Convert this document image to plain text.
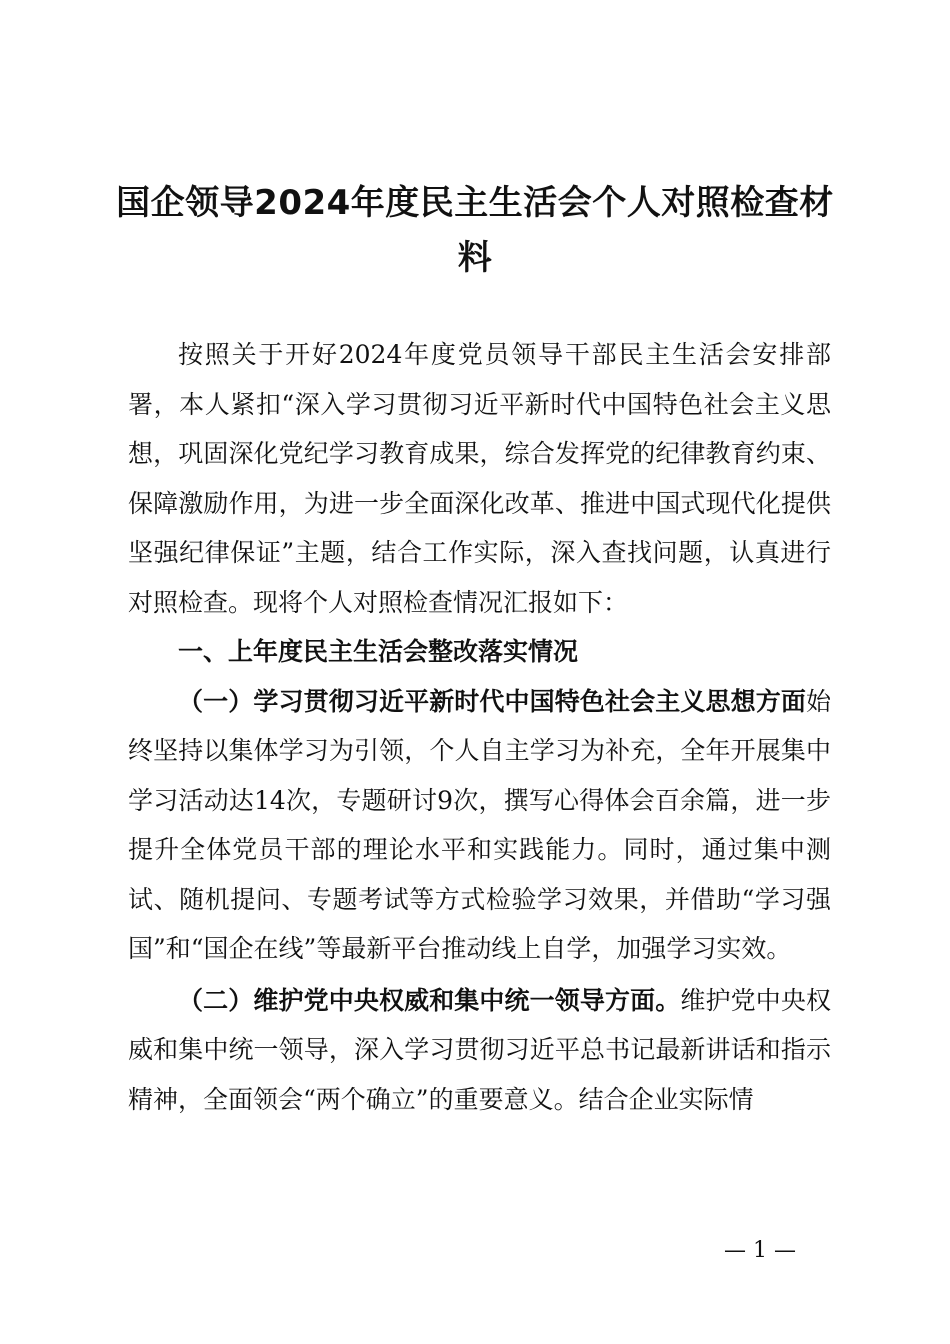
国企领导2024年度民主生活会个人对照检查材料

按照关于开好2024年度党员领导干部民主生活会安排部署，本人紧扣“深入学习贯彻习近平新时代中国特色社会主义思想，巩固深化党纪学习教育成果，综合发挥党的纪律教育约束、保障激励作用，为进一步全面深化改革、推进中国式现代化提供坚强纪律保证”主题，结合工作实际，深入查找问题，认真进行对照检查。现将个人对照检查情况汇报如下：

一、上年度民主生活会整改落实情况

（一）学习贯彻习近平新时代中国特色社会主义思想方面始终坚持以集体学习为引领，个人自主学习为补充，全年开展集中学习活动达14次，专题研讨9次，撰写心得体会百余篇，进一步提升全体党员干部的理论水平和实践能力。同时，通过集中测试、随机提问、专题考试等方式检验学习效果，并借助“学习强国”和“国企在线”等最新平台推动线上自学，加强学习实效。

（二）维护党中央权威和集中统一领导方面。维护党中央权威和集中统一领导，深入学习贯彻习近平总书记最新讲话和指示精神，全面领会“两个确立”的重要意义。结合企业实际情

— 1 —
